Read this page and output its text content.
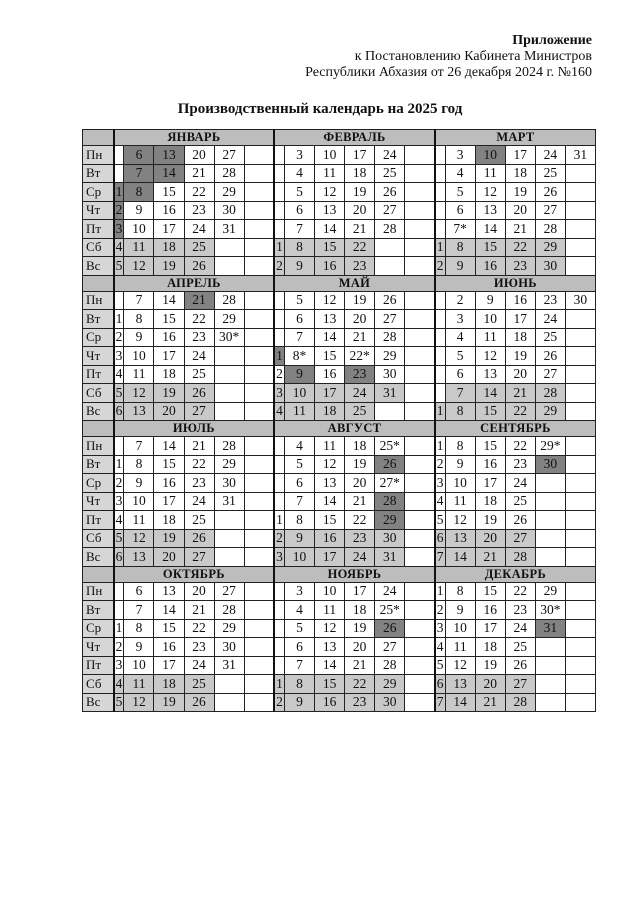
Приложение
к Постановлению Кабинета Министров
Республики Абхазия от 26 декабря 2024 г. №160
Производственный календарь на 2025 год
	ЯНВАРЬ						ФЕВРАЛЬ						МАРТ					
Пн		6	13	20	27			3	10	17	24			3	10	17	24	31
Вт		7	14	21	28			4	11	18	25			4	11	18	25	
Ср	1	8	15	22	29			5	12	19	26			5	12	19	26	
Чт	2	9	16	23	30			6	13	20	27			6	13	20	27	
Пт	3	10	17	24	31			7	14	21	28			7*	14	21	28	
Сб	4	11	18	25			1	8	15	22			1	8	15	22	29	
Вс	5	12	19	26			2	9	16	23			2	9	16	23	30	
	АПРЕЛЬ						МАЙ						ИЮНЬ					
Пн		7	14	21	28			5	12	19	26			2	9	16	23	30
Вт	1	8	15	22	29			6	13	20	27			3	10	17	24	
Ср	2	9	16	23	30*			7	14	21	28			4	11	18	25	
Чт	3	10	17	24			1	8*	15	22*	29			5	12	19	26	
Пт	4	11	18	25			2	9	16	23	30			6	13	20	27	
Сб	5	12	19	26			3	10	17	24	31			7	14	21	28	
Вс	6	13	20	27			4	11	18	25			1	8	15	22	29	
	ИЮЛЬ						АВГУСТ						СЕНТЯБРЬ					
Пн		7	14	21	28			4	11	18	25*		1	8	15	22	29*	
Вт	1	8	15	22	29			5	12	19	26		2	9	16	23	30	
Ср	2	9	16	23	30			6	13	20	27*		3	10	17	24		
Чт	3	10	17	24	31			7	14	21	28		4	11	18	25		
Пт	4	11	18	25			1	8	15	22	29		5	12	19	26		
Сб	5	12	19	26			2	9	16	23	30		6	13	20	27		
Вс	6	13	20	27			3	10	17	24	31		7	14	21	28		
	ОКТЯБРЬ						НОЯБРЬ						ДЕКАБРЬ					
Пн		6	13	20	27			3	10	17	24		1	8	15	22	29	
Вт		7	14	21	28			4	11	18	25*		2	9	16	23	30*	
Ср	1	8	15	22	29			5	12	19	26		3	10	17	24	31	
Чт	2	9	16	23	30			6	13	20	27		4	11	18	25		
Пт	3	10	17	24	31			7	14	21	28		5	12	19	26		
Сб	4	11	18	25			1	8	15	22	29		6	13	20	27		
Вс	5	12	19	26			2	9	16	23	30		7	14	21	28		
